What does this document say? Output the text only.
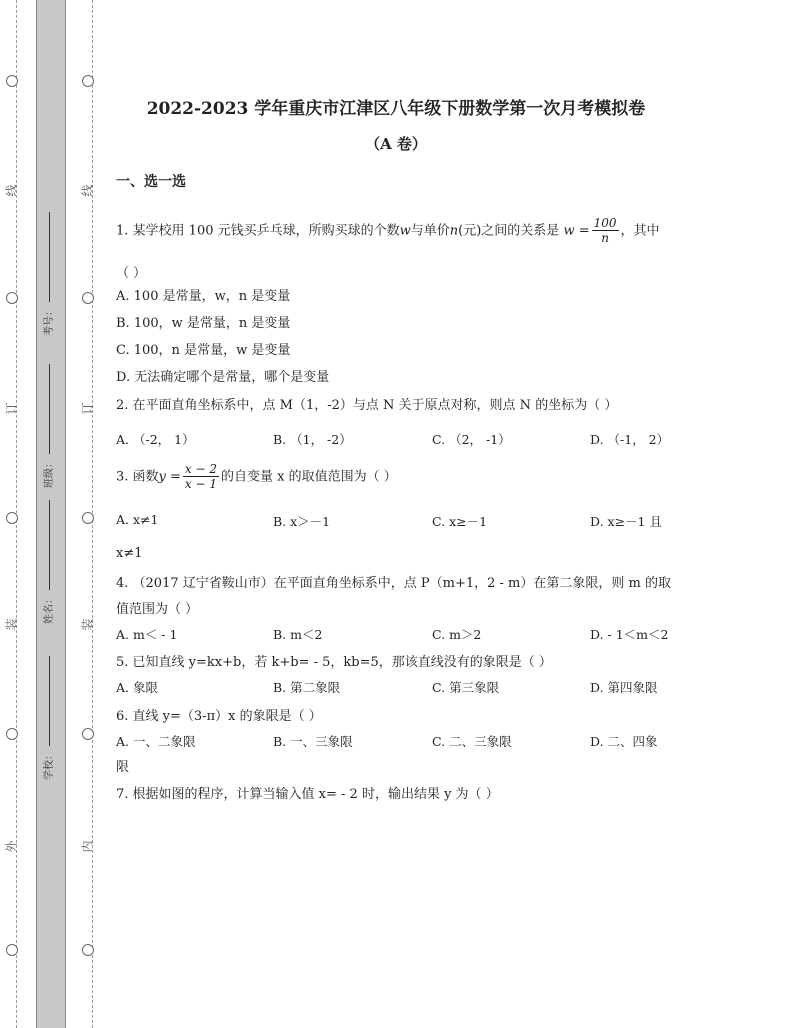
线
订
装
外
线
订
装
内
考号：
班级：
姓名：
学校：
2022-2023 学年重庆市江津区八年级下册数学第一次月考模拟卷
（A 卷）
一、选一选
1. 某学校用 100 元钱买乒乓球，所购买球的个数w与单价n(元)之间的关系是 $w = \frac{100}{n}$ ，其中
（ ）
A. 100 是常量，w，n 是变量
B. 100，w 是常量，n 是变量
C. 100，n 是常量，w 是变量
D. 无法确定哪个是常量，哪个是变量
2. 在平面直角坐标系中，点 M（1，-2）与点 N 关于原点对称，则点 N 的坐标为（ ）
A. （-2， 1）	B. （1， -2）	C. （2， -1）	D. （-1， 2）
3. 函数$y = \frac{x - 2}{x - 1}$ 的自变量 x 的取值范围为（ ）
A. x≠1	B. x＞－1	C. x≥－1	D. x≥－1 且
x≠1
4. （2017 辽宁省鞍山市）在平面直角坐标系中，点 P（m+1，2 - m）在第二象限，则 m 的取
值范围为（ ）
A. m＜ - 1	B. m＜2	C. m＞2	D. - 1＜m＜2
5. 已知直线 y=kx+b，若 k+b= - 5，kb=5，那该直线没有的象限是（ ）
A. 象限	B. 第二象限	C. 第三象限	D. 第四象限
6. 直线 y=（3-π）x 的象限是（ ）
A. 一、二象限	B. 一、三象限	C. 二、三象限	D. 二、四象
限
7. 根据如图的程序，计算当输入值 x= - 2 时，输出结果 y 为（ ）
